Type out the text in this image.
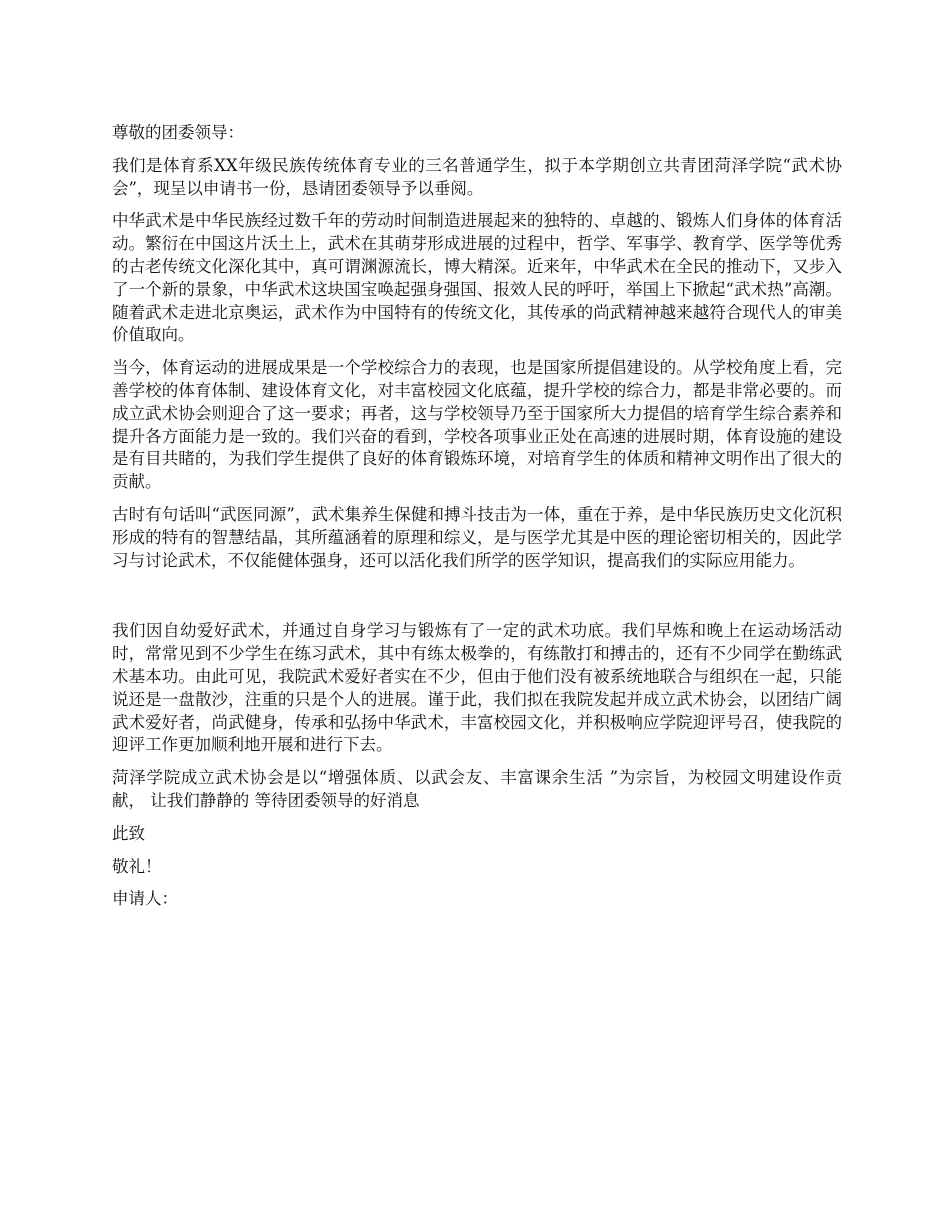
尊敬的团委领导：

我们是体育系XX年级民族传统体育专业的三名普通学生，拟于本学期创立共青团菏泽学院“武术协会”，现呈以申请书一份，恳请团委领导予以垂阅。

中华武术是中华民族经过数千年的劳动时间制造进展起来的独特的、卓越的、锻炼人们身体的体育活动。繁衍在中国这片沃土上，武术在其萌芽形成进展的过程中，哲学、军事学、教育学、医学等优秀的古老传统文化深化其中，真可谓渊源流长，博大精深。近来年，中华武术在全民的推动下，又步入了一个新的景象，中华武术这块国宝唤起强身强国、报效人民的呼吁，举国上下掀起“武术热”高潮。随着武术走进北京奥运，武术作为中国特有的传统文化，其传承的尚武精神越来越符合现代人的审美价值取向。

当今，体育运动的进展成果是一个学校综合力的表现，也是国家所提倡建设的。从学校角度上看，完善学校的体育体制、建设体育文化，对丰富校园文化底蕴，提升学校的综合力，都是非常必要的。而成立武术协会则迎合了这一要求；再者，这与学校领导乃至于国家所大力提倡的培育学生综合素养和提升各方面能力是一致的。我们兴奋的看到，学校各项事业正处在高速的进展时期，体育设施的建设是有目共睹的，为我们学生提供了良好的体育锻炼环境，对培育学生的体质和精神文明作出了很大的贡献。

古时有句话叫“武医同源”，武术集养生保健和搏斗技击为一体，重在于养，是中华民族历史文化沉积形成的特有的智慧结晶，其所蕴涵着的原理和综义，是与医学尤其是中医的理论密切相关的，因此学习与讨论武术，不仅能健体强身，还可以活化我们所学的医学知识，提高我们的实际应用能力。

我们因自幼爱好武术，并通过自身学习与锻炼有了一定的武术功底。我们早炼和晚上在运动场活动时，常常见到不少学生在练习武术，其中有练太极拳的，有练散打和搏击的，还有不少同学在勤练武术基本功。由此可见，我院武术爱好者实在不少，但由于他们没有被系统地联合与组织在一起，只能说还是一盘散沙，注重的只是个人的进展。谨于此，我们拟在我院发起并成立武术协会，以团结广阔武术爱好者，尚武健身，传承和弘扬中华武术，丰富校园文化，并积极响应学院迎评号召，使我院的迎评工作更加顺利地开展和进行下去。

菏泽学院成立武术协会是以“增强体质、以武会友、丰富课余生活 ”为宗旨，为校园文明建设作贡献， 让我们静静的 等待团委领导的好消息

此致

敬礼！

申请人：
